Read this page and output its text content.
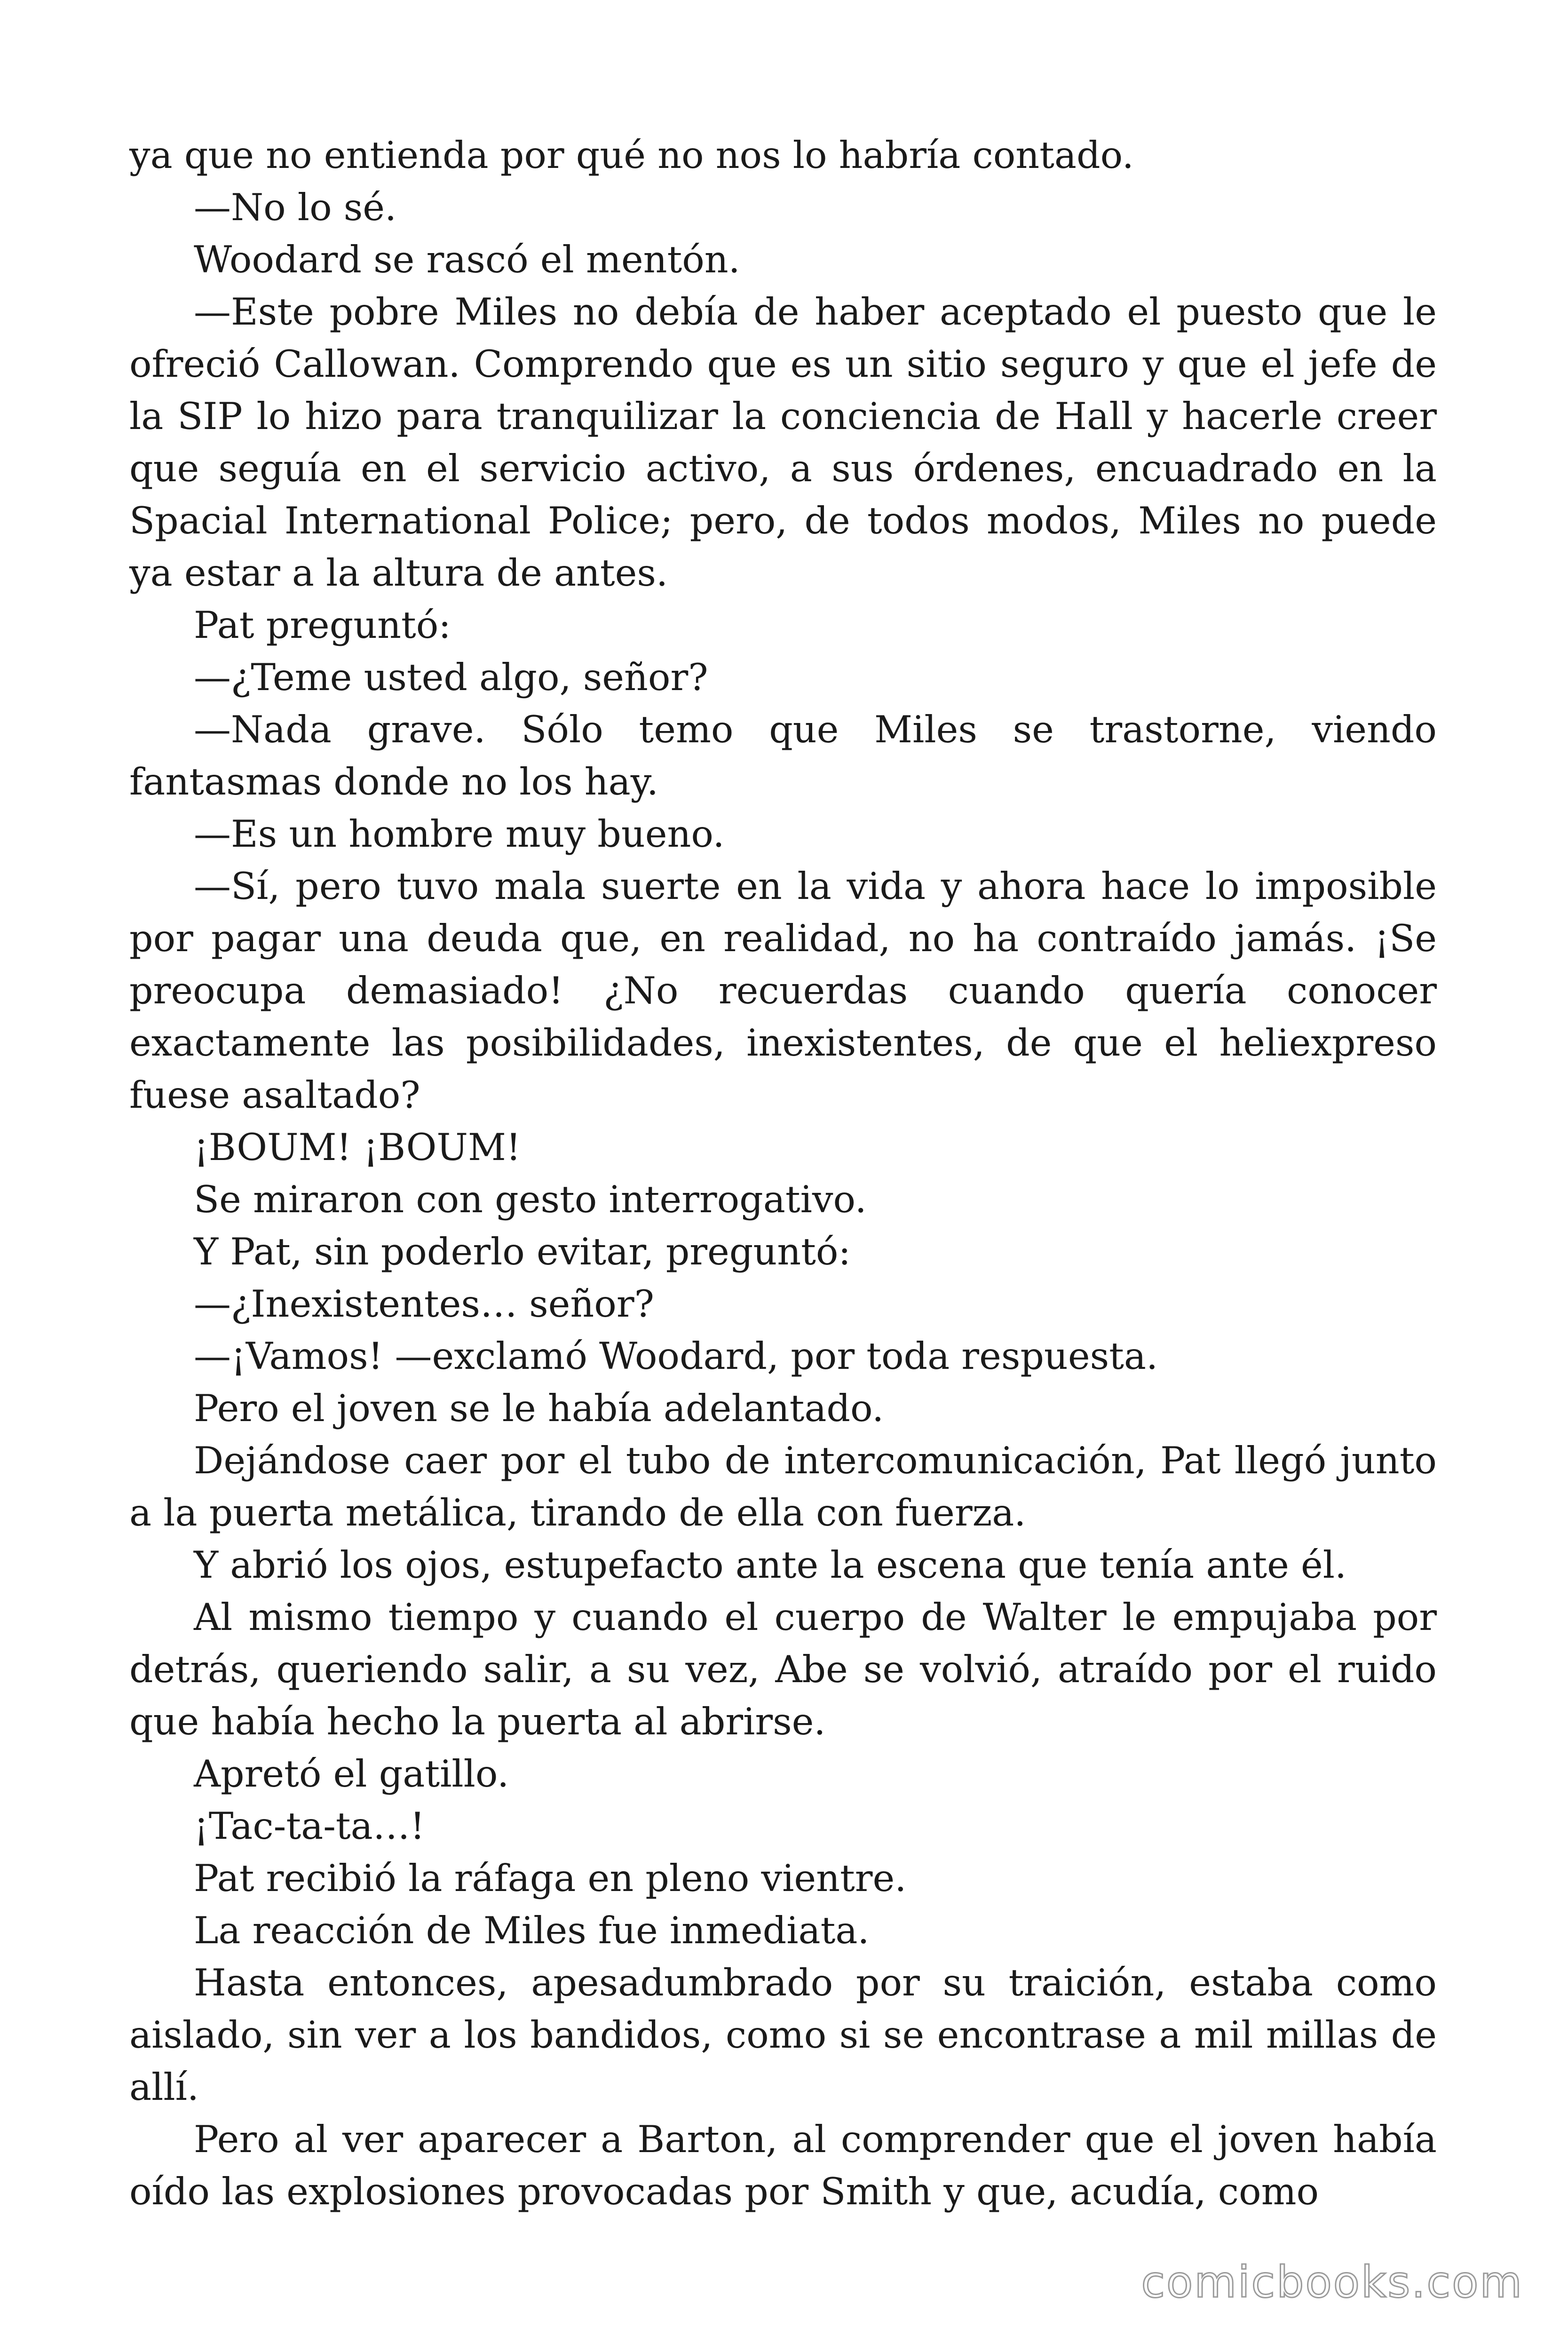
ya que no entienda por qué no nos lo habría contado.

—No lo sé.

Woodard se rascó el mentón.

—Este pobre Miles no debía de haber aceptado el puesto que le ofreció Callowan. Comprendo que es un sitio seguro y que el jefe de la SIP lo hizo para tranquilizar la conciencia de Hall y hacerle creer que seguía en el servicio activo, a sus órdenes, encuadrado en la Spacial International Police; pero, de todos modos, Miles no puede ya estar a la altura de antes.

Pat preguntó:

—¿Teme usted algo, señor?

—Nada grave. Sólo temo que Miles se trastorne, viendo fantasmas donde no los hay.

—Es un hombre muy bueno.

—Sí, pero tuvo mala suerte en la vida y ahora hace lo imposible por pagar una deuda que, en realidad, no ha contraído jamás. ¡Se preocupa demasiado! ¿No recuerdas cuando quería conocer exactamente las posibilidades, inexistentes, de que el heliexpreso fuese asaltado?

¡BOUM! ¡BOUM!

Se miraron con gesto interrogativo.

Y Pat, sin poderlo evitar, preguntó:

—¿Inexistentes… señor?

—¡Vamos! —exclamó Woodard, por toda respuesta.

Pero el joven se le había adelantado.

Dejándose caer por el tubo de intercomunicación, Pat llegó junto a la puerta metálica, tirando de ella con fuerza.

Y abrió los ojos, estupefacto ante la escena que tenía ante él.

Al mismo tiempo y cuando el cuerpo de Walter le empujaba por detrás, queriendo salir, a su vez, Abe se volvió, atraído por el ruido que había hecho la puerta al abrirse.

Apretó el gatillo.

¡Tac-ta-ta…!

Pat recibió la ráfaga en pleno vientre.

La reacción de Miles fue inmediata.

Hasta entonces, apesadumbrado por su traición, estaba como aislado, sin ver a los bandidos, como si se encontrase a mil millas de allí.

Pero al ver aparecer a Barton, al comprender que el joven había oído las explosiones provocadas por Smith y que, acudía, como

comicbooks.com
